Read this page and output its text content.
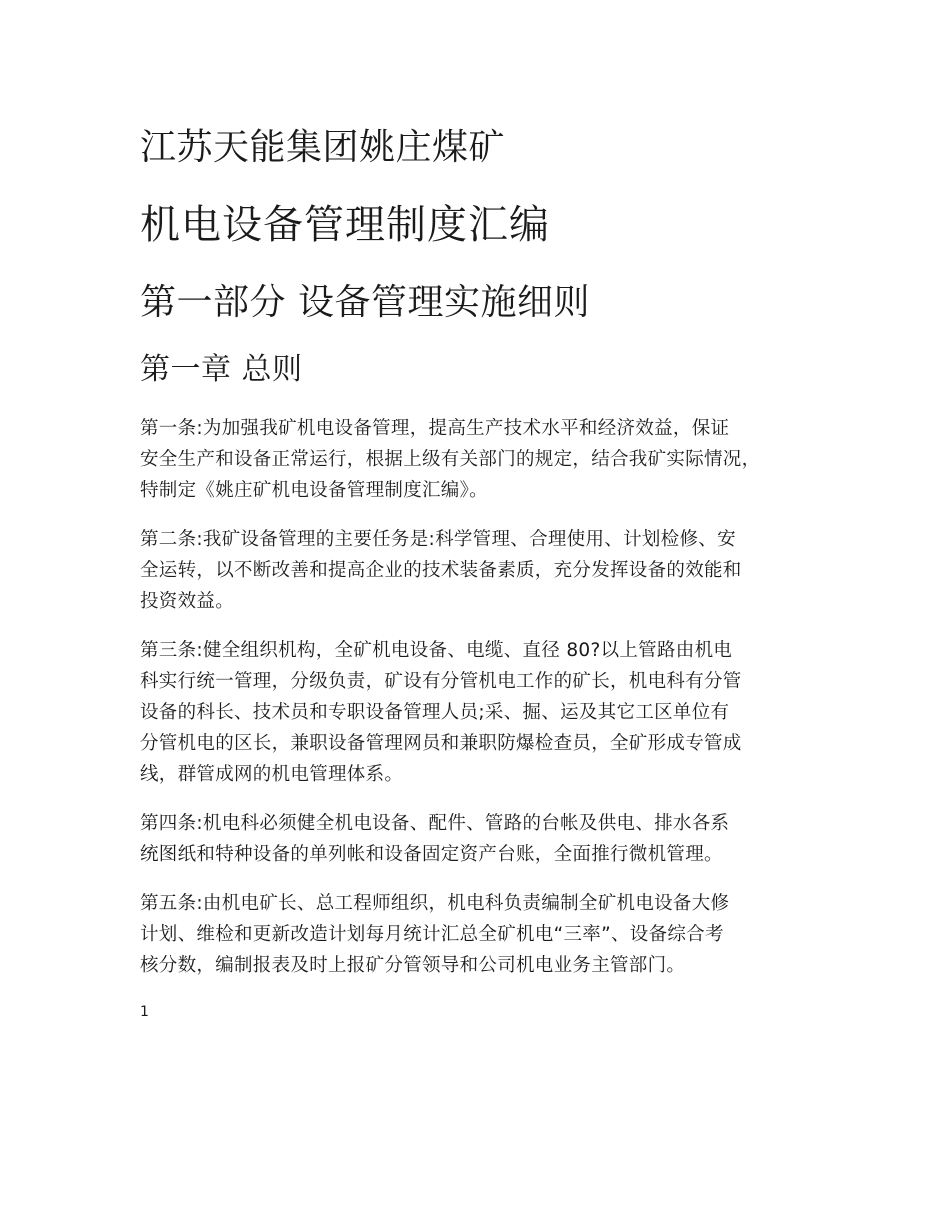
江苏天能集团姚庄煤矿
机电设备管理制度汇编
第一部分 设备管理实施细则
第一章 总则

第一条:为加强我矿机电设备管理，提高生产技术水平和经济效益，保证
安全生产和设备正常运行，根据上级有关部门的规定，结合我矿实际情况，
特制定《姚庄矿机电设备管理制度汇编》。

第二条:我矿设备管理的主要任务是:科学管理、合理使用、计划检修、安
全运转，以不断改善和提高企业的技术装备素质，充分发挥设备的效能和
投资效益。

第三条:健全组织机构，全矿机电设备、电缆、直径 80?以上管路由机电
科实行统一管理，分级负责，矿设有分管机电工作的矿长，机电科有分管
设备的科长、技术员和专职设备管理人员;采、掘、运及其它工区单位有
分管机电的区长，兼职设备管理网员和兼职防爆检查员，全矿形成专管成
线，群管成网的机电管理体系。

第四条:机电科必须健全机电设备、配件、管路的台帐及供电、排水各系
统图纸和特种设备的单列帐和设备固定资产台账，全面推行微机管理。

第五条:由机电矿长、总工程师组织，机电科负责编制全矿机电设备大修
计划、维检和更新改造计划每月统计汇总全矿机电“三率”、设备综合考
核分数，编制报表及时上报矿分管领导和公司机电业务主管部门。

1
